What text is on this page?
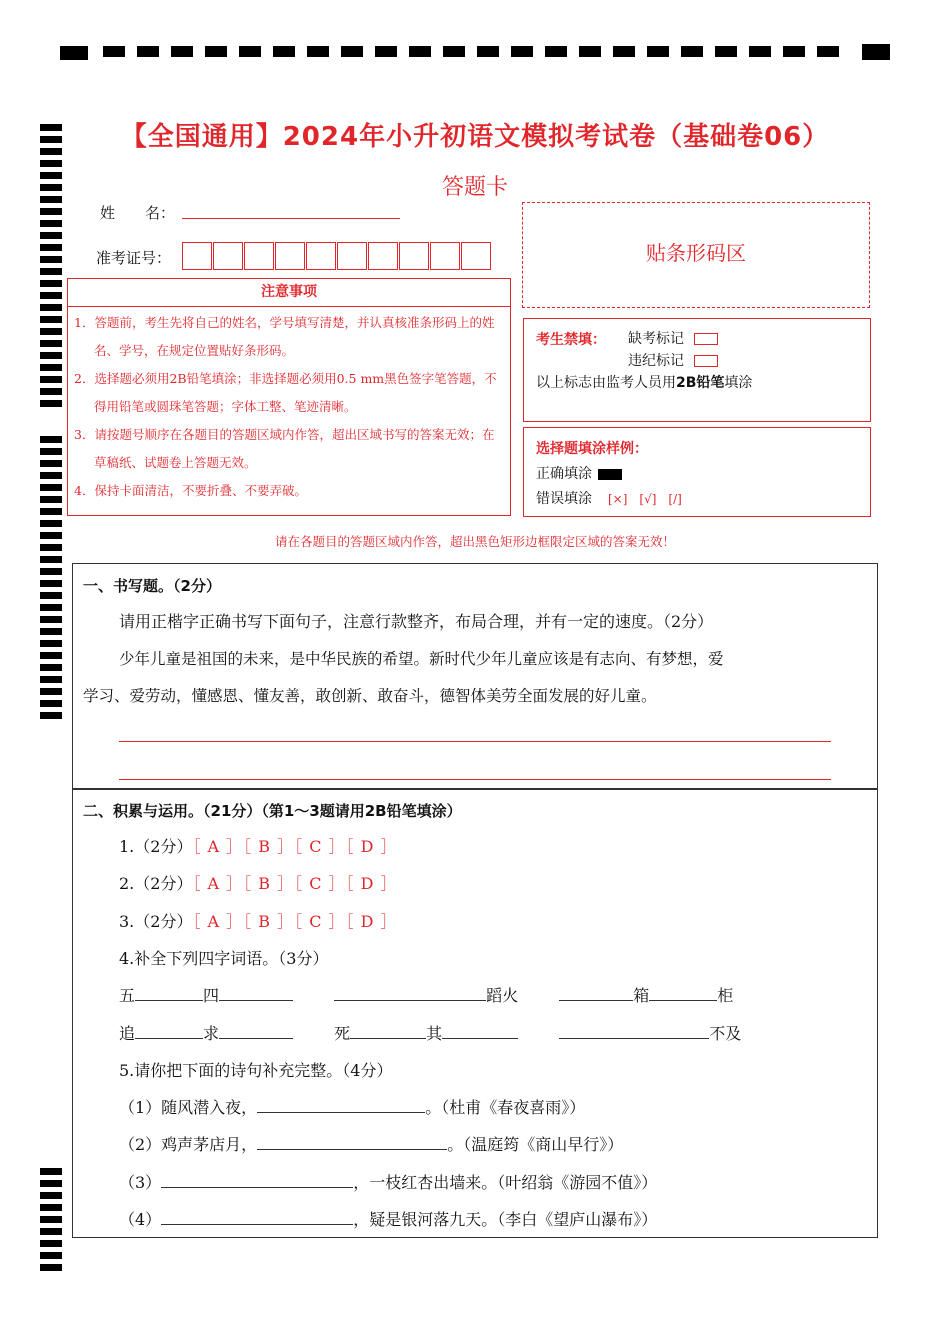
【全国通用】2024年小升初语文模拟考试卷（基础卷06）
答题卡
姓　　名：
准考证号：	贴条形码区
注意事项

1．答题前，考生先将自己的姓名，学号填写清楚，并认真核准条形码上的姓名、学号，在规定位置贴好条形码。

2．选择题必须用2B铅笔填涂；非选择题必须用0.5 mm黑色签字笔答题，不得用铅笔或圆珠笔答题；字体工整、笔迹清晰。

3．请按题号顺序在各题目的答题区域内作答，超出区域书写的答案无效；在草稿纸、试题卷上答题无效。

4．保持卡面清洁，不要折叠、不要弄破。

考生禁填： 缺考标记
违纪标记
以上标志由监考人员用2B铅笔填涂
选择题填涂样例：
正确填涂
错误填涂 [×]　[√]　[/]
请在各题目的答题区域内作答，超出黑色矩形边框限定区域的答案无效！
一、书写题。（2分）
请用正楷字正确书写下面句子，注意行款整齐，布局合理，并有一定的速度。（2分）
少年儿童是祖国的未来，是中华民族的希望。新时代少年儿童应该是有志向、有梦想，爱
学习、爱劳动，懂感恩、懂友善，敢创新、敢奋斗，德智体美劳全面发展的好儿童。
二、积累与运用。（21分）（第1～3题请用2B铅笔填涂）
1.（2分）［ A ］［ B ］［ C ］［ D ］
2.（2分）［ A ］［ B ］［ C ］［ D ］
3.（2分）［ A ］［ B ］［ C ］［ D ］
4.补全下列四字词语。（3分）
五	四	蹈火	箱	柜
追	求	死	其	不及
5.请你把下面的诗句补充完整。（4分）
（1）随风潜入夜，	。（杜甫《春夜喜雨》）
（2）鸡声茅店月，	。（温庭筠《商山早行》）
（3）	，一枝红杏出墙来。（叶绍翁《游园不值》）
（4）	，疑是银河落九天。（李白《望庐山瀑布》）
